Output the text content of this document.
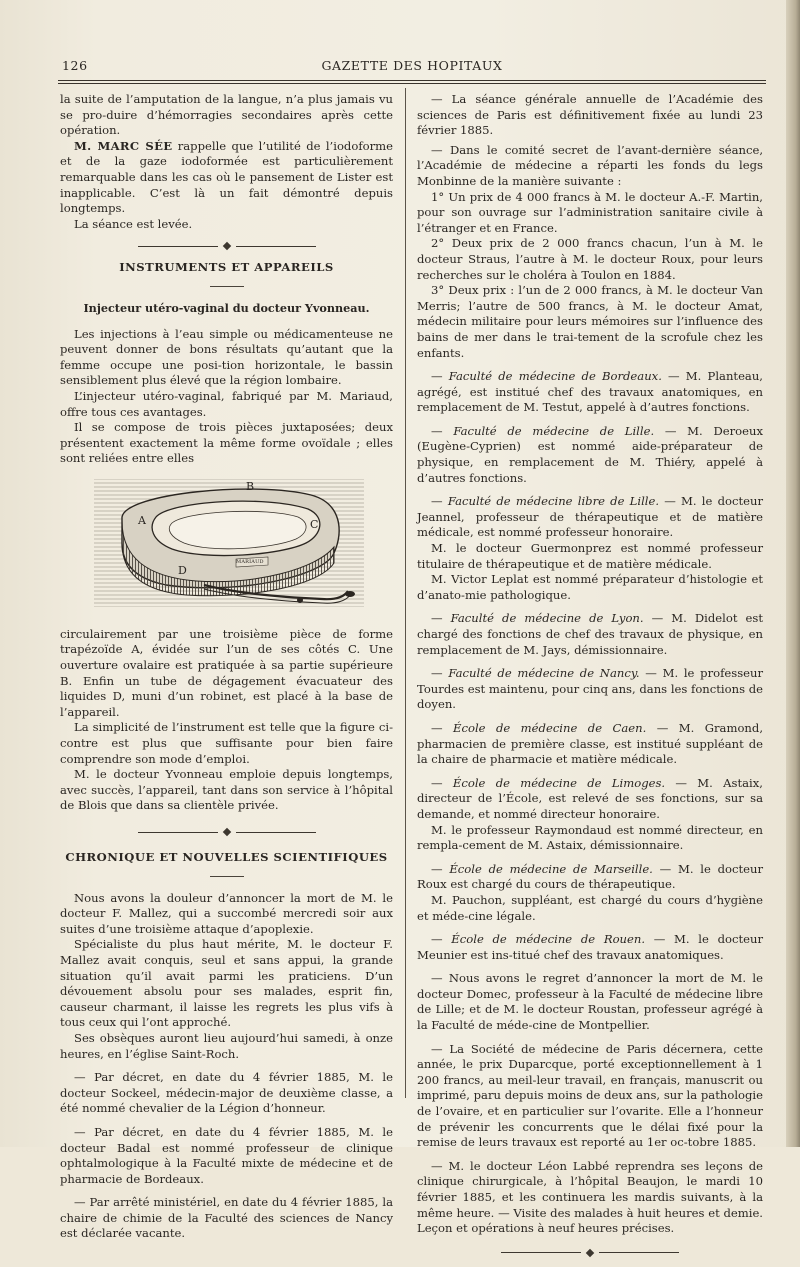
126	GAZETTE DES HOPITAUX

la suite de l’amputation de la langue, n’a plus jamais vu se pro-duire d’hémorragies secondaires après cette opération.

M. MARC SÉE rappelle que l’utilité de l’iodoforme et de la gaze iodoformée est particulièrement remarquable dans les cas où le pansement de Lister est inapplicable. C’est là un fait démontré depuis longtemps.

La séance est levée.

INSTRUMENTS ET APPAREILS
Injecteur utéro-vaginal du docteur Yvonneau.

Les injections à l’eau simple ou médicamenteuse ne peuvent donner de bons résultats qu’autant que la femme occupe une posi-tion horizontale, le bassin sensiblement plus élevé que la région lombaire.

L’injecteur utéro-vaginal, fabriqué par M. Mariaud, offre tous ces avantages.

Il se compose de trois pièces juxtaposées; deux présentent exactement la même forme ovoïdale ; elles sont reliées entre elles

B
A	C
D
MARIAUD

circulairement par une troisième pièce de forme trapézoïde A, évidée sur l’un de ses côtés C. Une ouverture ovalaire est pratiquée à sa partie supérieure B. Enfin un tube de dégagement évacuateur des liquides D, muni d’un robinet, est placé à la base de l’appareil.

La simplicité de l’instrument est telle que la figure ci-contre est plus que suffisante pour bien faire comprendre son mode d’emploi.

M. le docteur Yvonneau emploie depuis longtemps, avec succès, l’appareil, tant dans son service à l’hôpital de Blois que dans sa clientèle privée.

CHRONIQUE ET NOUVELLES SCIENTIFIQUES

Nous avons la douleur d’annoncer la mort de M. le docteur F. Mallez, qui a succombé mercredi soir aux suites d’une troisième attaque d’apoplexie.

Spécialiste du plus haut mérite, M. le docteur F. Mallez avait conquis, seul et sans appui, la grande situation qu’il avait parmi les praticiens. D’un dévouement absolu pour ses malades, esprit fin, causeur charmant, il laisse les regrets les plus vifs à tous ceux qui l’ont approché.

Ses obsèques auront lieu aujourd’hui samedi, à onze heures, en l’église Saint-Roch.

— Par décret, en date du 4 février 1885, M. le docteur Sockeel, médecin-major de deuxième classe, a été nommé chevalier de la Légion d’honneur.

— Par décret, en date du 4 février 1885, M. le docteur Badal est nommé professeur de clinique ophtalmologique à la Faculté mixte de médecine et de pharmacie de Bordeaux.

— Par arrêté ministériel, en date du 4 février 1885, la chaire de chimie de la Faculté des sciences de Nancy est déclarée vacante.

— La séance générale annuelle de l’Académie des sciences de Paris est définitivement fixée au lundi 23 février 1885.

— Dans le comité secret de l’avant-dernière séance, l’Académie de médecine a réparti les fonds du legs Monbinne de la manière suivante :

1° Un prix de 4 000 francs à M. le docteur A.-F. Martin, pour son ouvrage sur l’administration sanitaire civile à l’étranger et en France.

2° Deux prix de 2 000 francs chacun, l’un à M. le docteur Straus, l’autre à M. le docteur Roux, pour leurs recherches sur le choléra à Toulon en 1884.

3° Deux prix : l’un de 2 000 francs, à M. le docteur Van Merris; l’autre de 500 francs, à M. le docteur Amat, médecin militaire pour leurs mémoires sur l’influence des bains de mer dans le trai-tement de la scrofule chez les enfants.

— Faculté de médecine de Bordeaux. — M. Planteau, agrégé, est institué chef des travaux anatomiques, en remplacement de M. Testut, appelé à d’autres fonctions.

— Faculté de médecine de Lille. — M. Deroeux (Eugène-Cyprien) est nommé aide-préparateur de physique, en remplacement de M. Thiéry, appelé à d’autres fonctions.

— Faculté de médecine libre de Lille. — M. le docteur Jeannel, professeur de thérapeutique et de matière médicale, est nommé professeur honoraire.

M. le docteur Guermonprez est nommé professeur titulaire de thérapeutique et de matière médicale.

M. Victor Leplat est nommé préparateur d’histologie et d’anato-mie pathologique.

— Faculté de médecine de Lyon. — M. Didelot est chargé des fonctions de chef des travaux de physique, en remplacement de M. Jays, démissionnaire.

— Faculté de médecine de Nancy. — M. le professeur Tourdes est maintenu, pour cinq ans, dans les fonctions de doyen.

— École de médecine de Caen. — M. Gramond, pharmacien de première classe, est institué suppléant de la chaire de pharmacie et matière médicale.

— École de médecine de Limoges. — M. Astaix, directeur de l’École, est relevé de ses fonctions, sur sa demande, et nommé directeur honoraire.

M. le professeur Raymondaud est nommé directeur, en rempla-cement de M. Astaix, démissionnaire.

— École de médecine de Marseille. — M. le docteur Roux est chargé du cours de thérapeutique.

M. Pauchon, suppléant, est chargé du cours d’hygiène et méde-cine légale.

— École de médecine de Rouen. — M. le docteur Meunier est ins-titué chef des travaux anatomiques.

— Nous avons le regret d’annoncer la mort de M. le docteur Domec, professeur à la Faculté de médecine libre de Lille; et de M. le docteur Roustan, professeur agrégé à la Faculté de méde-cine de Montpellier.

— La Société de médecine de Paris décernera, cette année, le prix Duparcque, porté exceptionnellement à 1 200 francs, au meil-leur travail, en français, manuscrit ou imprimé, paru depuis moins de deux ans, sur la pathologie de l’ovaire, et en particulier sur l’ovarite. Elle a l’honneur de prévenir les concurrents que le délai fixé pour la remise de leurs travaux est reporté au 1er oc-tobre 1885.

— M. le docteur Léon Labbé reprendra ses leçons de clinique chirurgicale, à l’hôpital Beaujon, le mardi 10 février 1885, et les continuera les mardis suivants, à la même heure. — Visite des malades à huit heures et demie. Leçon et opérations à neuf heures précises.
